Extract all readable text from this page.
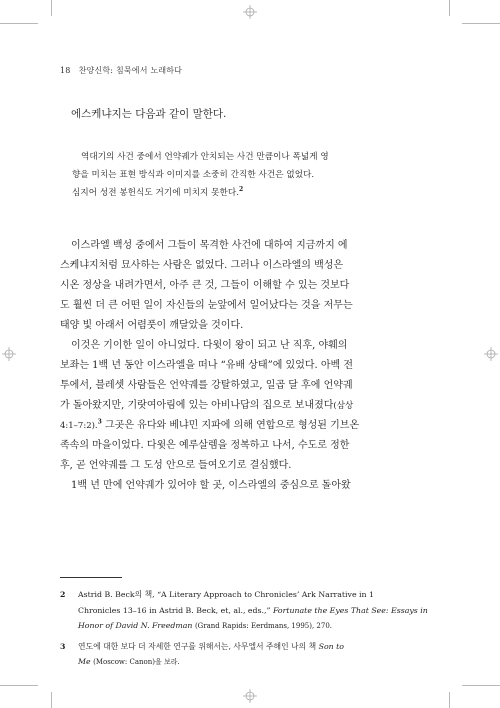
18 찬양신학: 침묵에서 노래하다

에스케냐지는 다음과 같이 말한다.

역대기의 사건 중에서 언약궤가 안치되는 사건 만큼이나 폭넓게 영
향을 미치는 표현 방식과 이미지를 소중히 간직한 사건은 없었다.
심지어 성전 봉헌식도 거기에 미치지 못한다.$^2$

이스라엘 백성 중에서 그들이 목격한 사건에 대하여 지금까지 에
스케냐지처럼 묘사하는 사람은 없었다. 그러나 이스라엘의 백성은
시온 정상을 내려가면서, 아주 큰 것, 그들이 이해할 수 있는 것보다
도 훨씬 더 큰 어떤 일이 자신들의 눈앞에서 일어났다는 것을 저무는
태양 빛 아래서 어렴풋이 깨달았을 것이다.
이것은 기이한 일이 아니었다. 다윗이 왕이 되고 난 직후, 야훼의
보좌는 1백 년 동안 이스라엘을 떠나 “유배 상태”에 있었다. 아벡 전
투에서, 블레셋 사람들은 언약궤를 강탈하였고, 일곱 달 후에 언약궤
가 돌아왔지만, 기랏여아림에 있는 아비나답의 집으로 보내졌다(삼상
4:1–7:2).$^3$ 그곳은 유다와 베냐민 지파에 의해 연합으로 형성된 기브온
족속의 마을이었다. 다윗은 예루살렘을 정복하고 나서, 수도로 정한
후, 곧 언약궤를 그 도성 안으로 들여오기로 결심했다.
1백 년 만에 언약궤가 있어야 할 곳, 이스라엘의 중심으로 돌아왔
2 Astrid B. Beck의 책, “A Literary Approach to Chronicles’ Ark Narrative in 1
Chronicles 13–16 in Astrid B. Beck, et, al., eds.,” Fortunate the Eyes That See: Essays in
Honor of David N. Freedman (Grand Rapids: Eerdmans, 1995), 270.
3 연도에 대한 보다 더 자세한 연구를 위해서는, 사무엘서 주해인 나의 책 Son to
Me (Moscow: Canon)을 보라.
